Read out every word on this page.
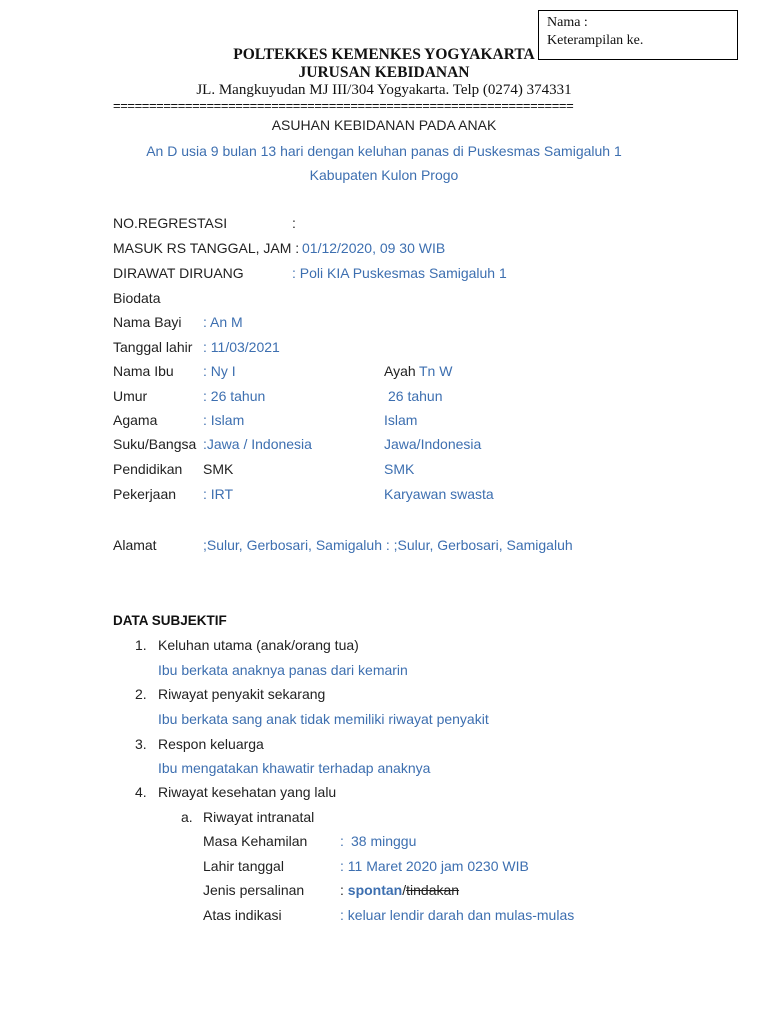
Nama :
Keterampilan ke.
POLTEKKES KEMENKES YOGYAKARTA
JURUSAN KEBIDANAN
JL. Mangkuyudan MJ III/304 Yogyakarta. Telp (0274) 374331
================================================================
ASUHAN KEBIDANAN PADA ANAK
An D usia 9 bulan 13 hari dengan keluhan panas di Puskesmas Samigaluh 1
Kabupaten Kulon Progo
NO.REGRESTASI	:
MASUK RS TANGGAL, JAM : 01/12/2020, 09 30 WIB
DIRAWAT DIRUANG	: Poli KIA Puskesmas Samigaluh 1
Biodata
Nama Bayi : An M
Tanggal lahir : 11/03/2021
Nama Ibu : Ny I	Ayah Tn W
Umur	: 26 tahun	26 tahun
Agama	: Islam	Islam
Suku/Bangsa :Jawa / Indonesia	Jawa/Indonesia
Pendidikan SMK	SMK
Pekerjaan : IRT	Karyawan swasta
Alamat	;Sulur, Gerbosari, Samigaluh : ;Sulur, Gerbosari, Samigaluh
DATA SUBJEKTIF
1. Keluhan utama (anak/orang tua)
Ibu berkata anaknya panas dari kemarin
2. Riwayat penyakit sekarang
Ibu berkata sang anak tidak memiliki riwayat penyakit
3. Respon keluarga
Ibu mengatakan khawatir terhadap anaknya
4. Riwayat kesehatan yang lalu
a. Riwayat intranatal
Masa Kehamilan : 38 minggu
Lahir tanggal	: 11 Maret 2020 jam 0230 WIB
Jenis persalinan	: spontan/tindakan
Atas indikasi	: keluar lendir darah dan mulas-mulas
